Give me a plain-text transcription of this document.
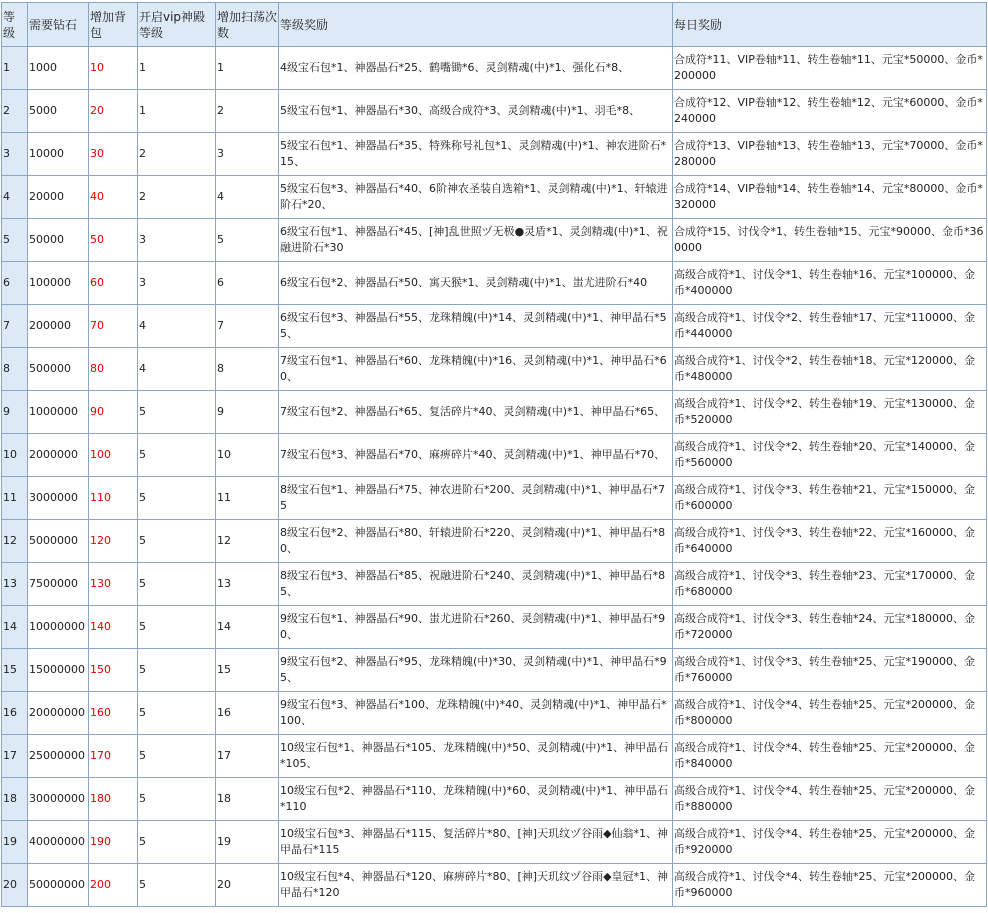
等级	需要钻石	增加背包	开启vip神殿等级	增加扫荡次数	等级奖励	每日奖励
1	1000	10	1	1	4级宝石包*1、神器晶石*25、鹤嘴锄*6、灵剑精魂(中)*1、强化石*8、	合成符*11、VIP卷轴*11、转生卷轴*11、元宝*50000、金币*200000
2	5000	20	1	2	5级宝石包*1、神器晶石*30、高级合成符*3、灵剑精魂(中)*1、羽毛*8、	合成符*12、VIP卷轴*12、转生卷轴*12、元宝*60000、金币*240000
3	10000	30	2	3	5级宝石包*1、神器晶石*35、特殊称号礼包*1、灵剑精魂(中)*1、神农进阶石*15、	合成符*13、VIP卷轴*13、转生卷轴*13、元宝*70000、金币*280000
4	20000	40	2	4	5级宝石包*3、神器晶石*40、6阶神农圣装自选箱*1、灵剑精魂(中)*1、轩辕进阶石*20、	合成符*14、VIP卷轴*14、转生卷轴*14、元宝*80000、金币*320000
5	50000	50	3	5	6级宝石包*1、神器晶石*45、[神]乱世照ヅ无极●灵盾*1、灵剑精魂(中)*1、祝融进阶石*30	合成符*15、讨伐令*1、转生卷轴*15、元宝*90000、金币*360000
6	100000	60	3	6	6级宝石包*2、神器晶石*50、寓天猴*1、灵剑精魂(中)*1、蚩尤进阶石*40	高级合成符*1、讨伐令*1、转生卷轴*16、元宝*100000、金币*400000
7	200000	70	4	7	6级宝石包*3、神器晶石*55、龙珠精魄(中)*14、灵剑精魂(中)*1、神甲晶石*55、	高级合成符*1、讨伐令*2、转生卷轴*17、元宝*110000、金币*440000
8	500000	80	4	8	7级宝石包*1、神器晶石*60、龙珠精魄(中)*16、灵剑精魂(中)*1、神甲晶石*60、	高级合成符*1、讨伐令*2、转生卷轴*18、元宝*120000、金币*480000
9	1000000	90	5	9	7级宝石包*2、神器晶石*65、复活碎片*40、灵剑精魂(中)*1、神甲晶石*65、	高级合成符*1、讨伐令*2、转生卷轴*19、元宝*130000、金币*520000
10	2000000	100	5	10	7级宝石包*3、神器晶石*70、麻痹碎片*40、灵剑精魂(中)*1、神甲晶石*70、	高级合成符*1、讨伐令*2、转生卷轴*20、元宝*140000、金币*560000
11	3000000	110	5	11	8级宝石包*1、神器晶石*75、神农进阶石*200、灵剑精魂(中)*1、神甲晶石*75	高级合成符*1、讨伐令*3、转生卷轴*21、元宝*150000、金币*600000
12	5000000	120	5	12	8级宝石包*2、神器晶石*80、轩辕进阶石*220、灵剑精魂(中)*1、神甲晶石*80、	高级合成符*1、讨伐令*3、转生卷轴*22、元宝*160000、金币*640000
13	7500000	130	5	13	8级宝石包*3、神器晶石*85、祝融进阶石*240、灵剑精魂(中)*1、神甲晶石*85、	高级合成符*1、讨伐令*3、转生卷轴*23、元宝*170000、金币*680000
14	10000000	140	5	14	9级宝石包*1、神器晶石*90、蚩尤进阶石*260、灵剑精魂(中)*1、神甲晶石*90、	高级合成符*1、讨伐令*3、转生卷轴*24、元宝*180000、金币*720000
15	15000000	150	5	15	9级宝石包*2、神器晶石*95、龙珠精魄(中)*30、灵剑精魂(中)*1、神甲晶石*95、	高级合成符*1、讨伐令*3、转生卷轴*25、元宝*190000、金币*760000
16	20000000	160	5	16	9级宝石包*3、神器晶石*100、龙珠精魄(中)*40、灵剑精魂(中)*1、神甲晶石*100、	高级合成符*1、讨伐令*4、转生卷轴*25、元宝*200000、金币*800000
17	25000000	170	5	17	10级宝石包*1、神器晶石*105、龙珠精魄(中)*50、灵剑精魂(中)*1、神甲晶石*105、	高级合成符*1、讨伐令*4、转生卷轴*25、元宝*200000、金币*840000
18	30000000	180	5	18	10级宝石包*2、神器晶石*110、龙珠精魄(中)*60、灵剑精魂(中)*1、神甲晶石*110	高级合成符*1、讨伐令*4、转生卷轴*25、元宝*200000、金币*880000
19	40000000	190	5	19	10级宝石包*3、神器晶石*115、复活碎片*80、[神]天玑纹ヅ谷雨◆仙翁*1、神甲晶石*115	高级合成符*1、讨伐令*4、转生卷轴*25、元宝*200000、金币*920000
20	50000000	200	5	20	10级宝石包*4、神器晶石*120、麻痹碎片*80、[神]天玑纹ヅ谷雨◆皇冠*1、神甲晶石*120	高级合成符*1、讨伐令*4、转生卷轴*25、元宝*200000、金币*960000
